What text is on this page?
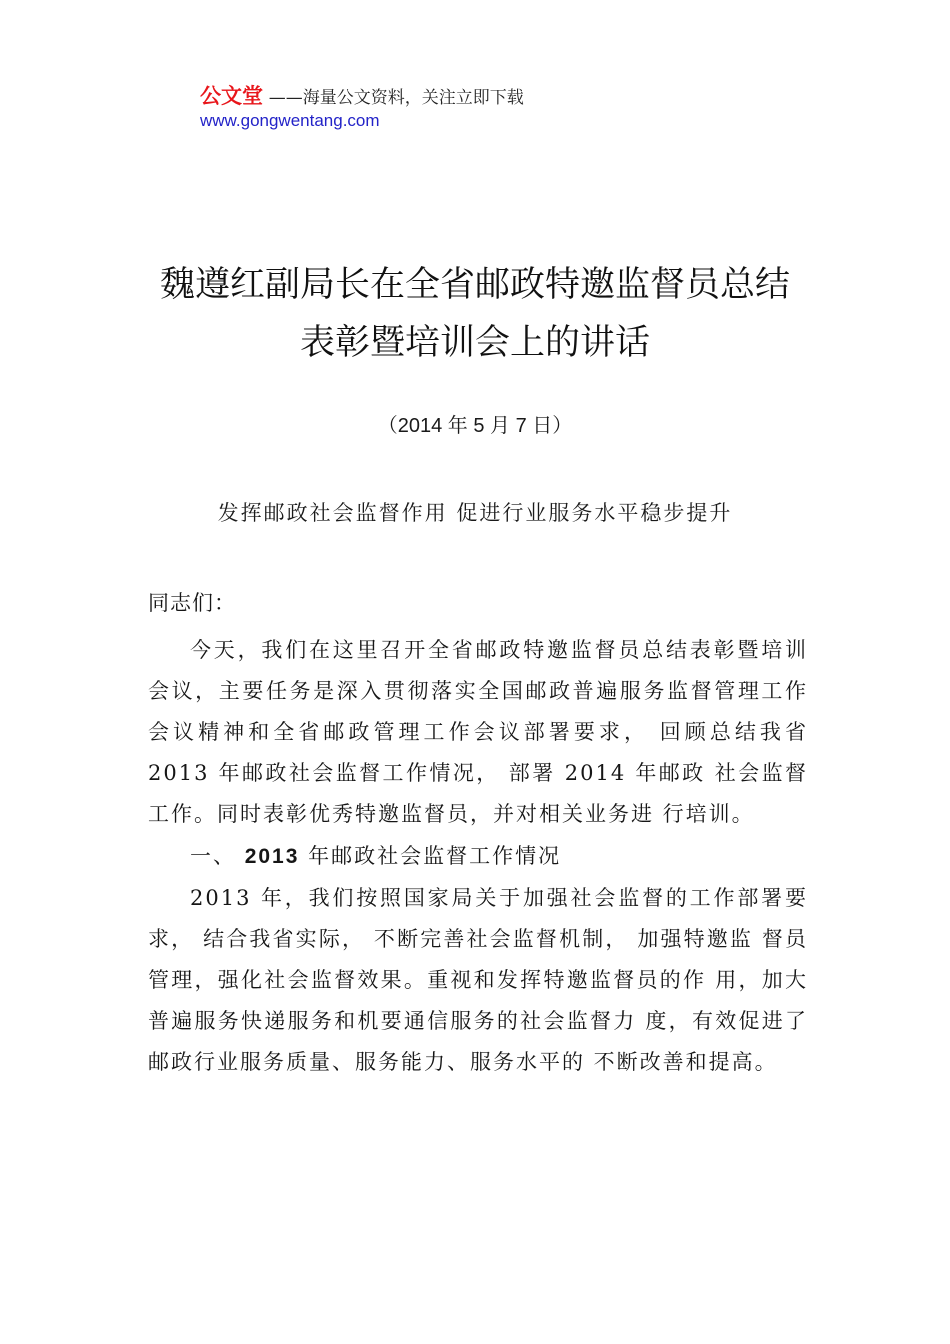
公文堂 ——海量公文资料，关注立即下载
www.gongwentang.com
魏遵红副局长在全省邮政特邀监督员总结
表彰暨培训会上的讲话
（2014 年 5 月 7 日）
发挥邮政社会监督作用 促进行业服务水平稳步提升

同志们：

今天，我们在这里召开全省邮政特邀监督员总结表彰暨培训会议，主要任务是深入贯彻落实全国邮政普遍服务监督管理工作会议精神和全省邮政管理工作会议部署要求， 回顾总结我省 2013 年邮政社会监督工作情况， 部署 2014 年邮政 社会监督工作。同时表彰优秀特邀监督员，并对相关业务进 行培训。

一、 2013 年邮政社会监督工作情况

2013 年，我们按照国家局关于加强社会监督的工作部署要求， 结合我省实际， 不断完善社会监督机制， 加强特邀监 督员管理，强化社会监督效果。重视和发挥特邀监督员的作 用，加大普遍服务快递服务和机要通信服务的社会监督力 度，有效促进了邮政行业服务质量、服务能力、服务水平的 不断改善和提高。
